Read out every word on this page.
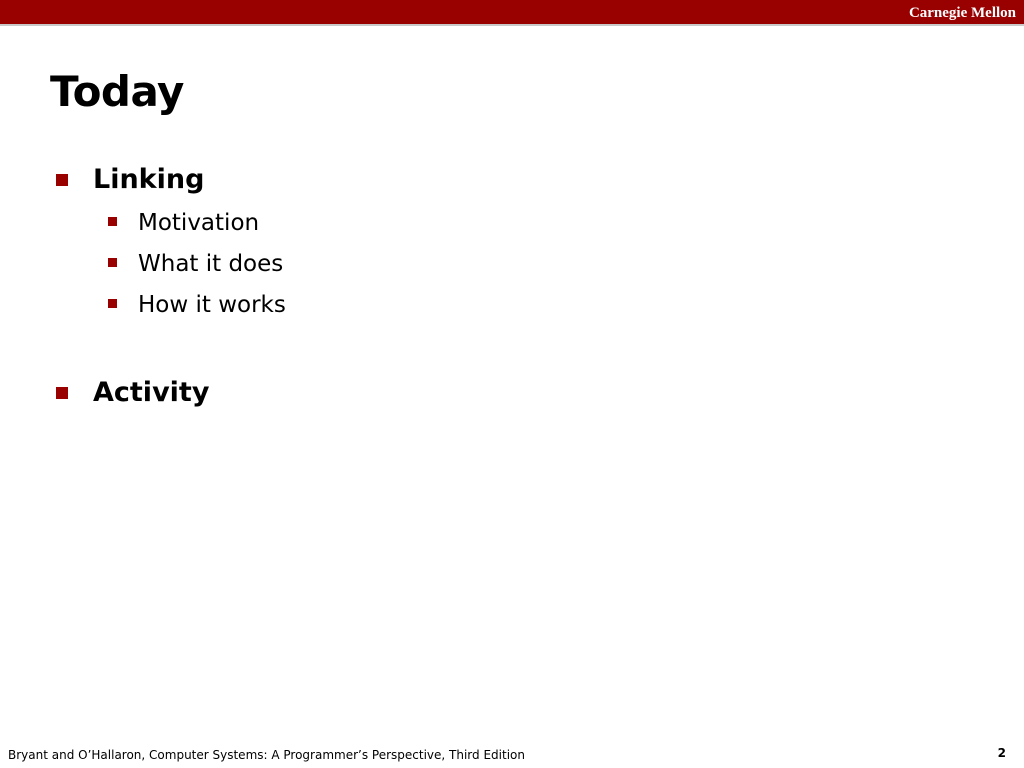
Carnegie Mellon
Today
Linking
Motivation
What it does
How it works
Activity
Bryant and O’Hallaron, Computer Systems: A Programmer’s Perspective, Third Edition	2
